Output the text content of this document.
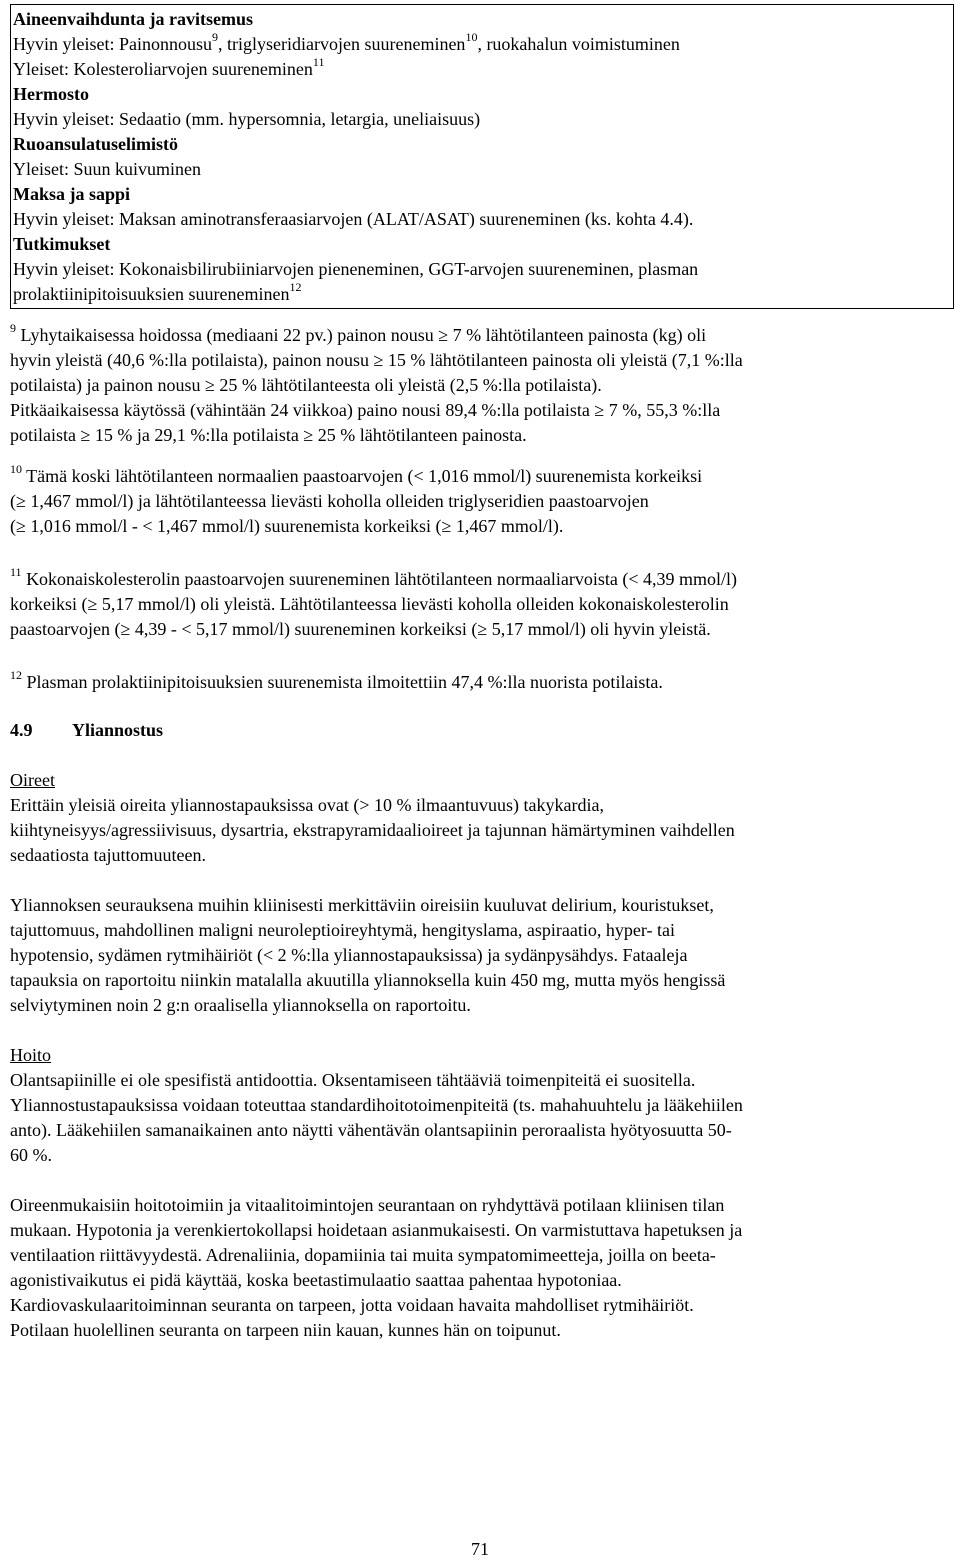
Aineenvaihdunta ja ravitsemus
Hyvin yleiset: Painonnousu$^9$, triglyseridiarvojen suureneminen$^{10}$, ruokahalun voimistuminen
Yleiset: Kolesteroliarvojen suureneminen$^{11}$
Hermosto
Hyvin yleiset: Sedaatio (mm. hypersomnia, letargia, uneliaisuus)
Ruoansulatuselimistö
Yleiset: Suun kuivuminen
Maksa ja sappi
Hyvin yleiset: Maksan aminotransferaasiarvojen (ALAT/ASAT) suureneminen (ks. kohta 4.4).
Tutkimukset
Hyvin yleiset: Kokonaisbilirubiiniarvojen pieneneminen, GGT-arvojen suureneminen, plasman
prolaktiinipitoisuuksien suureneminen$^{12}$

$^9$ Lyhytaikaisessa hoidossa (mediaani 22 pv.) painon nousu ≥ 7 % lähtötilanteen painosta (kg) oli

hyvin yleistä (40,6 %:lla potilaista), painon nousu ≥ 15 % lähtötilanteen painosta oli yleistä (7,1 %:lla

potilaista) ja painon nousu ≥ 25 % lähtötilanteesta oli yleistä (2,5 %:lla potilaista).

Pitkäaikaisessa käytössä (vähintään 24 viikkoa) paino nousi 89,4 %:lla potilaista ≥ 7 %, 55,3 %:lla

potilaista ≥ 15 % ja 29,1 %:lla potilaista ≥ 25 % lähtötilanteen painosta.

$^{10}$ Tämä koski lähtötilanteen normaalien paastoarvojen (< 1,016 mmol/l) suurenemista korkeiksi

(≥ 1,467 mmol/l) ja lähtötilanteessa lievästi koholla olleiden triglyseridien paastoarvojen

(≥ 1,016 mmol/l - < 1,467 mmol/l) suurenemista korkeiksi (≥ 1,467 mmol/l).

$^{11}$ Kokonaiskolesterolin paastoarvojen suureneminen lähtötilanteen normaaliarvoista (< 4,39 mmol/l)

korkeiksi (≥ 5,17 mmol/l) oli yleistä. Lähtötilanteessa lievästi koholla olleiden kokonaiskolesterolin

paastoarvojen (≥ 4,39 - < 5,17 mmol/l) suureneminen korkeiksi (≥ 5,17 mmol/l) oli hyvin yleistä.

$^{12}$ Plasman prolaktiinipitoisuuksien suurenemista ilmoitettiin 47,4 %:lla nuorista potilaista.

4.9 Yliannostus
Oireet

Erittäin yleisiä oireita yliannostapauksissa ovat (> 10 % ilmaantuvuus) takykardia,

kiihtyneisyys/agressiivisuus, dysartria, ekstrapyramidaalioireet ja tajunnan hämärtyminen vaihdellen

sedaatiosta tajuttomuuteen.

Yliannoksen seurauksena muihin kliinisesti merkittäviin oireisiin kuuluvat delirium, kouristukset,

tajuttomuus, mahdollinen maligni neuroleptioireyhtymä, hengityslama, aspiraatio, hyper- tai

hypotensio, sydämen rytmihäiriöt (< 2 %:lla yliannostapauksissa) ja sydänpysähdys. Fataaleja

tapauksia on raportoitu niinkin matalalla akuutilla yliannoksella kuin 450 mg, mutta myös hengissä

selviytyminen noin 2 g:n oraalisella yliannoksella on raportoitu.

Hoito

Olantsapiinille ei ole spesifistä antidoottia. Oksentamiseen tähtääviä toimenpiteitä ei suositella.

Yliannostustapauksissa voidaan toteuttaa standardihoitotoimenpiteitä (ts. mahahuuhtelu ja lääkehiilen

anto). Lääkehiilen samanaikainen anto näytti vähentävän olantsapiinin peroraalista hyötyosuutta 50-

60 %.

Oireenmukaisiin hoitotoimiin ja vitaalitoimintojen seurantaan on ryhdyttävä potilaan kliinisen tilan

mukaan. Hypotonia ja verenkiertokollapsi hoidetaan asianmukaisesti. On varmistuttava hapetuksen ja

ventilaation riittävyydestä. Adrenaliinia, dopamiinia tai muita sympatomimeetteja, joilla on beeta-

agonistivaikutus ei pidä käyttää, koska beetastimulaatio saattaa pahentaa hypotoniaa.

Kardiovaskulaaritoiminnan seuranta on tarpeen, jotta voidaan havaita mahdolliset rytmihäiriöt.

Potilaan huolellinen seuranta on tarpeen niin kauan, kunnes hän on toipunut.

71
